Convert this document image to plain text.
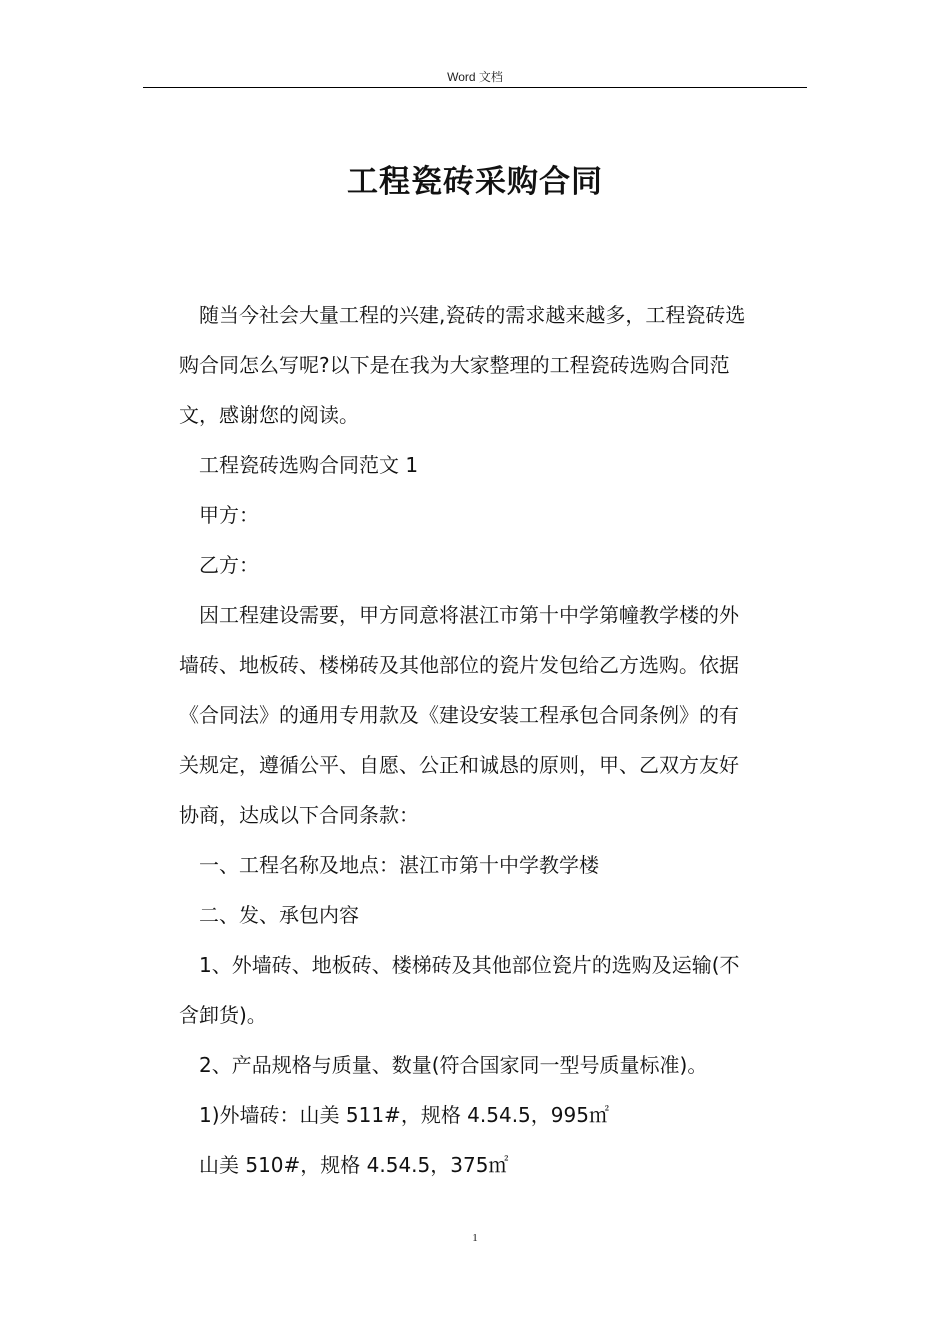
Word 文档
工程瓷砖采购合同

随当今社会大量工程的兴建,瓷砖的需求越来越多，工程瓷砖选

购合同怎么写呢?以下是在我为大家整理的工程瓷砖选购合同范

文，感谢您的阅读。

工程瓷砖选购合同范文 1

甲方：

乙方：

因工程建设需要，甲方同意将湛江市第十中学第幢教学楼的外

墙砖、地板砖、楼梯砖及其他部位的瓷片发包给乙方选购。依据

《合同法》的通用专用款及《建设安装工程承包合同条例》的有

关规定，遵循公平、自愿、公正和诚恳的原则，甲、乙双方友好

协商，达成以下合同条款：

一、工程名称及地点：湛江市第十中学教学楼

二、发、承包内容

1、外墙砖、地板砖、楼梯砖及其他部位瓷片的选购及运输(不

含卸货)。

2、产品规格与质量、数量(符合国家同一型号质量标准)。

1)外墙砖：山美 511#，规格 4.54.5，995㎡

山美 510#，规格 4.54.5，375㎡

1
